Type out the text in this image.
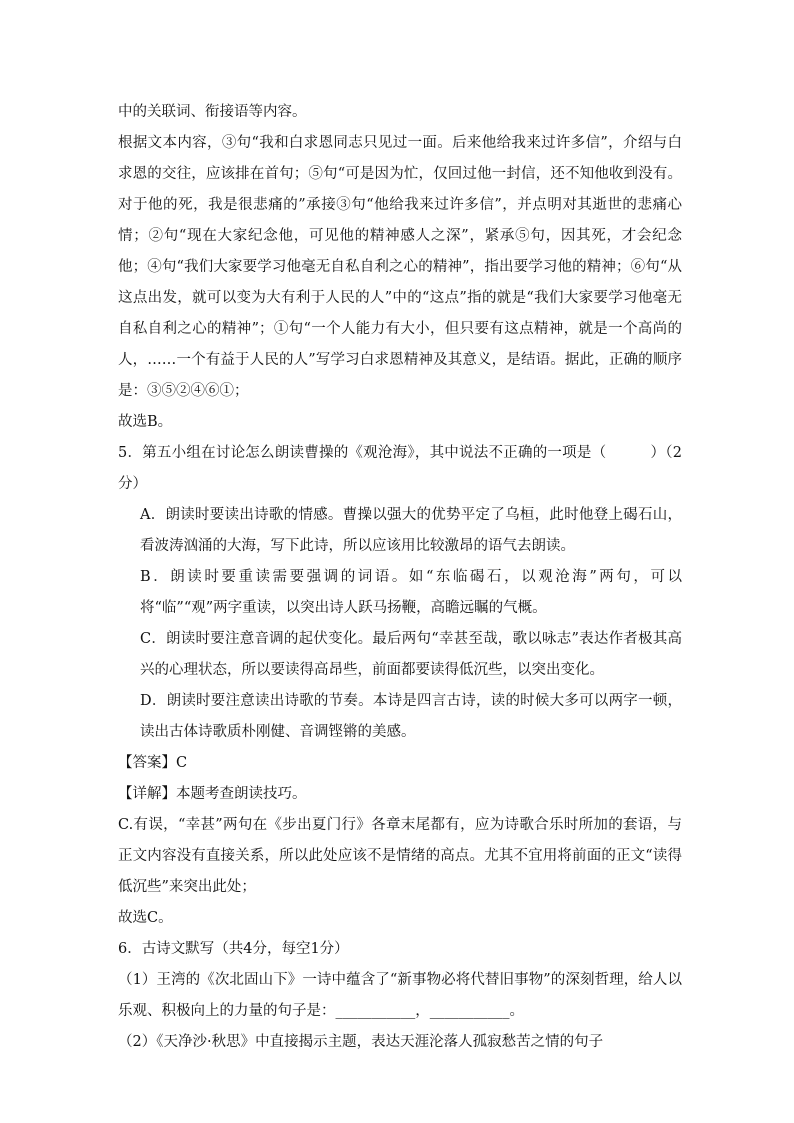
中的关联词、衔接语等内容。

根据文本内容，③句“我和白求恩同志只见过一面。后来他给我来过许多信”，介绍与白求恩的交往，应该排在首句；⑤句“可是因为忙，仅回过他一封信，还不知他收到没有。对于他的死，我是很悲痛的”承接③句“他给我来过许多信”，并点明对其逝世的悲痛心情；②句“现在大家纪念他，可见他的精神感人之深”，紧承⑤句，因其死，才会纪念他；④句“我们大家要学习他毫无自私自利之心的精神”，指出要学习他的精神；⑥句“从这点出发，就可以变为大有利于人民的人”中的“这点”指的就是“我们大家要学习他毫无自私自利之心的精神”；①句“一个人能力有大小，但只要有这点精神，就是一个高尚的人，……一个有益于人民的人”写学习白求恩精神及其意义，是结语。据此，正确的顺序是：③⑤②④⑥①；

故选B。

5．第五小组在讨论怎么朗读曹操的《观沧海》，其中说法不正确的一项是（　　　）（2分）

A．朗读时要读出诗歌的情感。曹操以强大的优势平定了乌桓，此时他登上碣石山，看波涛汹涌的大海，写下此诗，所以应该用比较激昂的语气去朗读。

B．朗读时要重读需要强调的词语。如“东临碣石，以观沧海”两句，可以将“临”“观”两字重读，以突出诗人跃马扬鞭，高瞻远瞩的气概。

C．朗读时要注意音调的起伏变化。最后两句“幸甚至哉，歌以咏志”表达作者极其高兴的心理状态，所以要读得高昂些，前面都要读得低沉些，以突出变化。

D．朗读时要注意读出诗歌的节奏。本诗是四言古诗，读的时候大多可以两字一顿，读出古体诗歌质朴刚健、音调铿锵的美感。

【答案】C

【详解】本题考查朗读技巧。

C.有误，“幸甚”两句在《步出夏门行》各章末尾都有，应为诗歌合乐时所加的套语，与正文内容没有直接关系，所以此处应该不是情绪的高点。尤其不宜用将前面的正文“读得低沉些”来突出此处；

故选C。

6．古诗文默写（共4分，每空1分）

（1）王湾的《次北固山下》一诗中蕴含了“新事物必将代替旧事物”的深刻哲理，给人以乐观、积极向上的力量的句子是：___________，___________。

（2）《天净沙·秋思》中直接揭示主题，表达天涯沦落人孤寂愁苦之情的句子
